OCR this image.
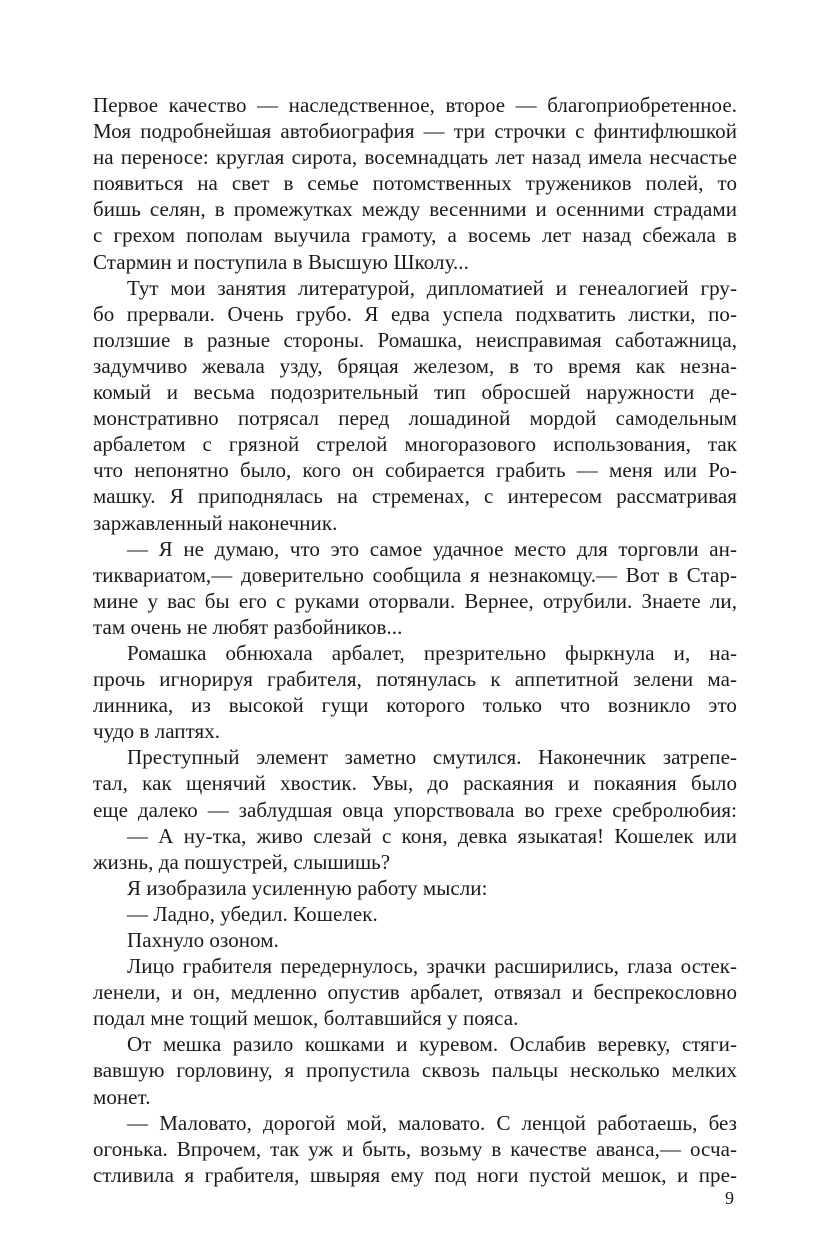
Первое качество — наследственное, второе — благоприобретенное.
Моя подробнейшая автобиография — три строчки с финтифлюшкой
на переносе: круглая сирота, восемнадцать лет назад имела несчастье
появиться на свет в семье потомственных тружеников полей, то
бишь селян, в промежутках между весенними и осенними страдами
с грехом пополам выучила грамоту, а восемь лет назад сбежала в
Стармин и поступила в Высшую Школу...
Тут мои занятия литературой, дипломатией и генеалогией гру-
бо прервали. Очень грубо. Я едва успела подхватить листки, по-
ползшие в разные стороны. Ромашка, неисправимая саботажница,
задумчиво жевала узду, бряцая железом, в то время как незна-
комый и весьма подозрительный тип обросшей наружности де-
монстративно потрясал перед лошадиной мордой самодельным
арбалетом с грязной стрелой многоразового использования, так
что непонятно было, кого он собирается грабить — меня или Ро-
машку. Я приподнялась на стременах, с интересом рассматривая
заржавленный наконечник.
— Я не думаю, что это самое удачное место для торговли ан-
тиквариатом,— доверительно сообщила я незнакомцу.— Вот в Стар-
мине у вас бы его с руками оторвали. Вернее, отрубили. Знаете ли,
там очень не любят разбойников...
Ромашка обнюхала арбалет, презрительно фыркнула и, на-
прочь игнорируя грабителя, потянулась к аппетитной зелени ма-
линника, из высокой гущи которого только что возникло это
чудо в лаптях.
Преступный элемент заметно смутился. Наконечник затрепе-
тал, как щенячий хвостик. Увы, до раскаяния и покаяния было
еще далеко — заблудшая овца упорствовала во грехе сребролюбия:
— А ну-тка, живо слезай с коня, девка языкатая! Кошелек или
жизнь, да пошустрей, слышишь?
Я изобразила усиленную работу мысли:
— Ладно, убедил. Кошелек.
Пахнуло озоном.
Лицо грабителя передернулось, зрачки расширились, глаза остек-
ленели, и он, медленно опустив арбалет, отвязал и беспрекословно
подал мне тощий мешок, болтавшийся у пояса.
От мешка разило кошками и куревом. Ослабив веревку, стяги-
вавшую горловину, я пропустила сквозь пальцы несколько мелких
монет.
— Маловато, дорогой мой, маловато. С ленцой работаешь, без
огонька. Впрочем, так уж и быть, возьму в качестве аванса,— осча-
стливила я грабителя, швыряя ему под ноги пустой мешок, и пре-
9
